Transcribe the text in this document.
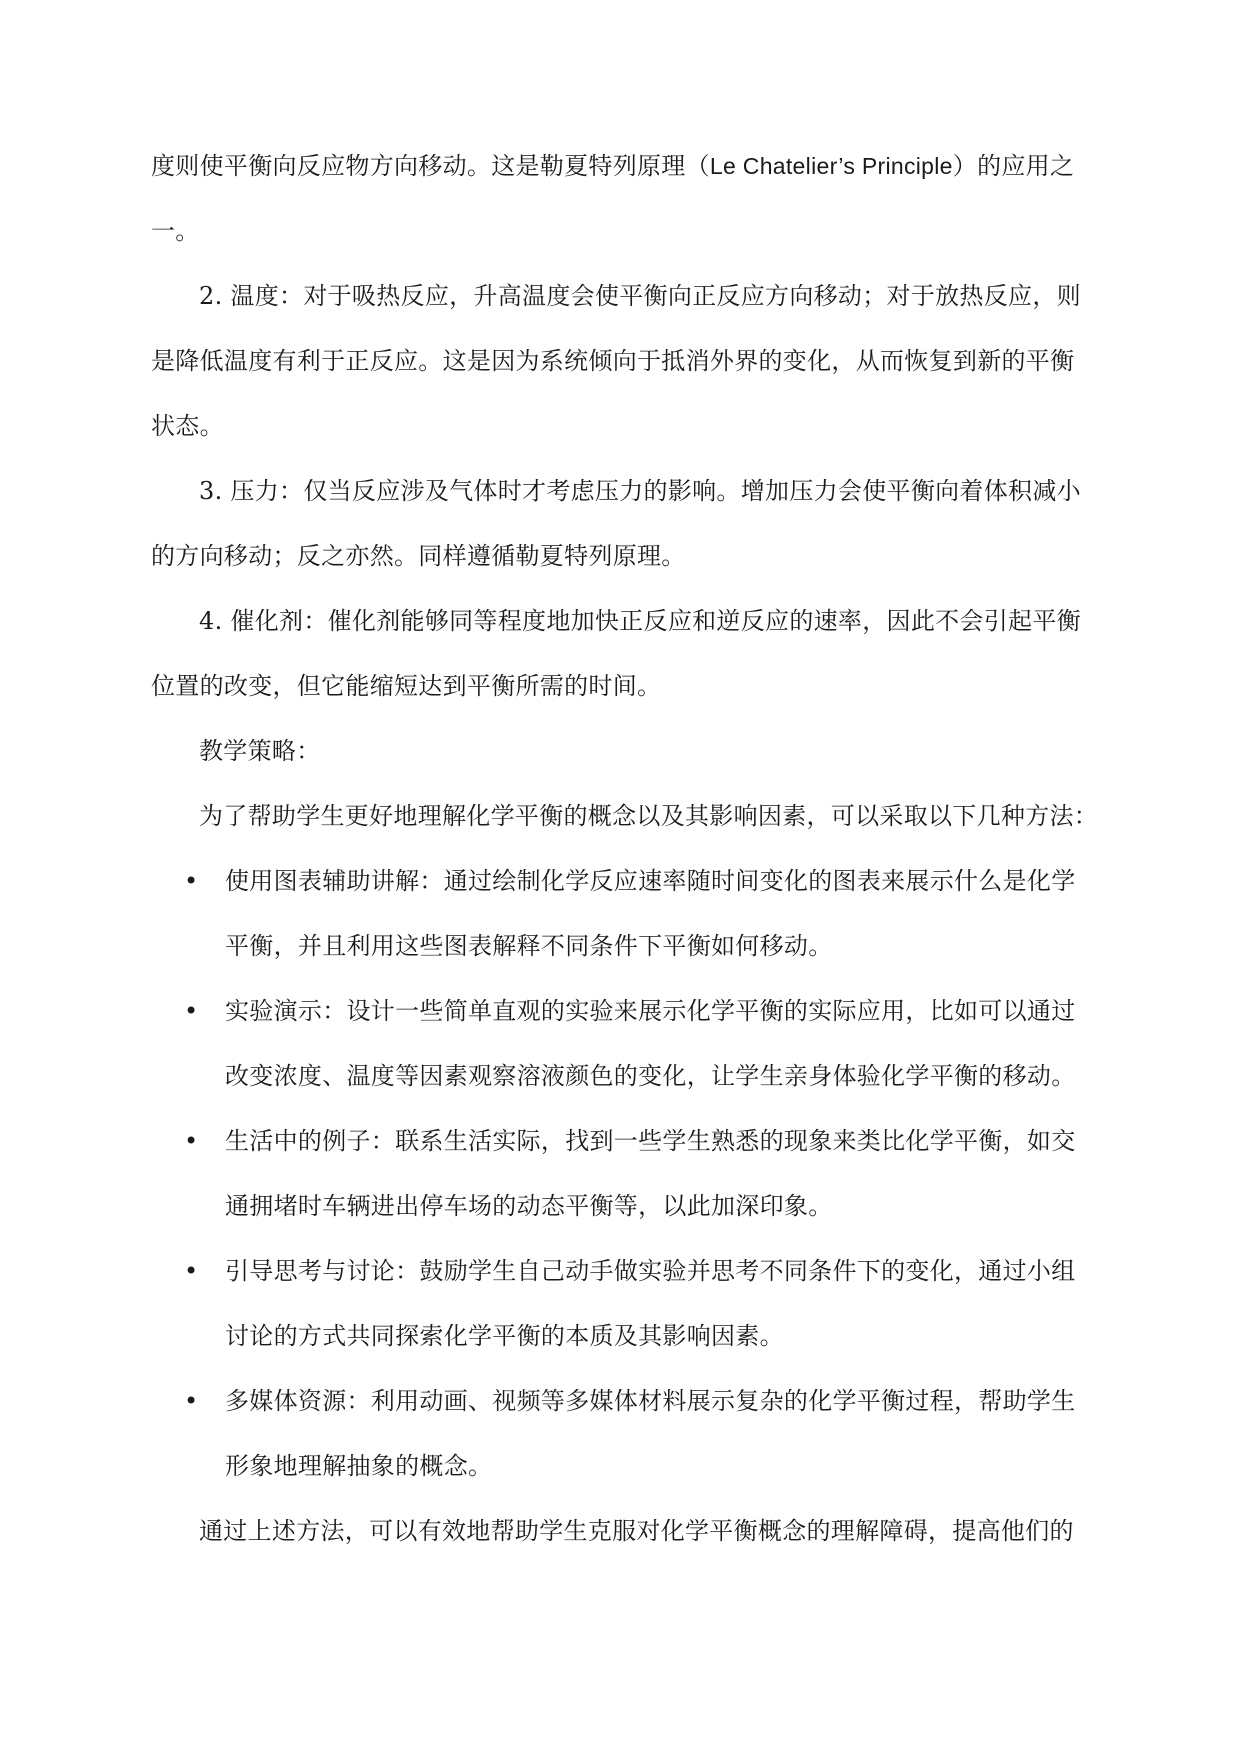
度则使平衡向反应物方向移动。这是勒夏特列原理（Le Chatelier’s Principle）的应用之
一。
2. 温度：对于吸热反应，升高温度会使平衡向正反应方向移动；对于放热反应，则
是降低温度有利于正反应。这是因为系统倾向于抵消外界的变化，从而恢复到新的平衡
状态。
3. 压力：仅当反应涉及气体时才考虑压力的影响。增加压力会使平衡向着体积减小
的方向移动；反之亦然。同样遵循勒夏特列原理。
4. 催化剂：催化剂能够同等程度地加快正反应和逆反应的速率，因此不会引起平衡
位置的改变，但它能缩短达到平衡所需的时间。
教学策略：
为了帮助学生更好地理解化学平衡的概念以及其影响因素，可以采取以下几种方法：
• 使用图表辅助讲解：通过绘制化学反应速率随时间变化的图表来展示什么是化学
平衡，并且利用这些图表解释不同条件下平衡如何移动。
• 实验演示：设计一些简单直观的实验来展示化学平衡的实际应用，比如可以通过
改变浓度、温度等因素观察溶液颜色的变化，让学生亲身体验化学平衡的移动。
• 生活中的例子：联系生活实际，找到一些学生熟悉的现象来类比化学平衡，如交
通拥堵时车辆进出停车场的动态平衡等，以此加深印象。
• 引导思考与讨论：鼓励学生自己动手做实验并思考不同条件下的变化，通过小组
讨论的方式共同探索化学平衡的本质及其影响因素。
• 多媒体资源：利用动画、视频等多媒体材料展示复杂的化学平衡过程，帮助学生
形象地理解抽象的概念。
通过上述方法，可以有效地帮助学生克服对化学平衡概念的理解障碍，提高他们的
